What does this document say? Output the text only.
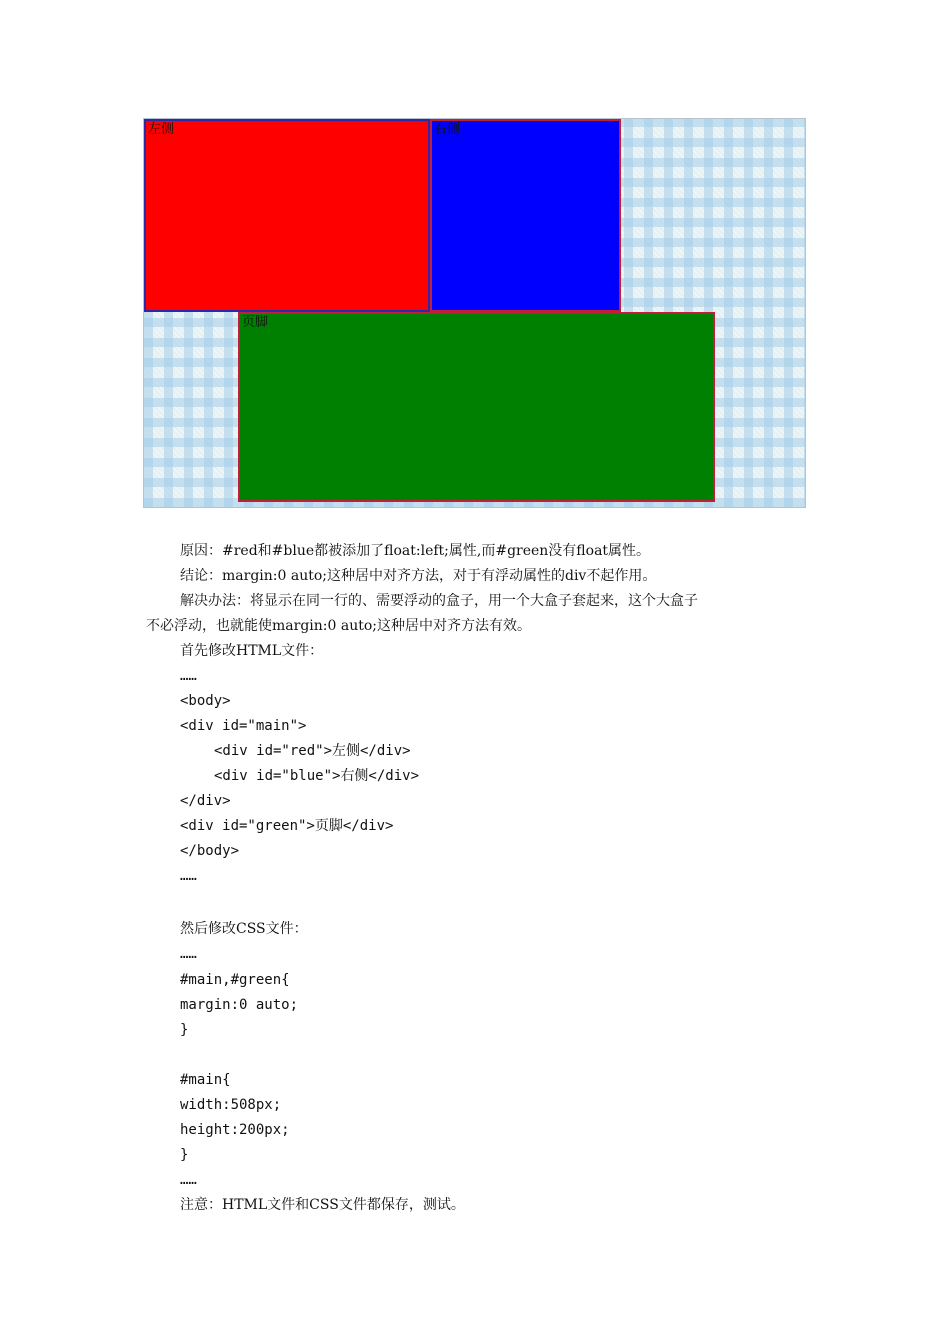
左侧	右侧
页脚
原因：#red和#blue都被添加了float:left;属性,而#green没有float属性。
结论：margin:0 auto;这种居中对齐方法，对于有浮动属性的div不起作用。
解决办法：将显示在同一行的、需要浮动的盒子，用一个大盒子套起来，这个大盒子
不必浮动，也就能使margin:0 auto;这种居中对齐方法有效。
首先修改HTML文件：
……
<body>
<div id="main">
<div id="red">左侧</div>
<div id="blue">右侧</div>
</div>
<div id="green">页脚</div>
</body>
……
然后修改CSS文件：
……
#main,#green{
margin:0 auto;
}
#main{
width:508px;
height:200px;
}
……
注意：HTML文件和CSS文件都保存，测试。
